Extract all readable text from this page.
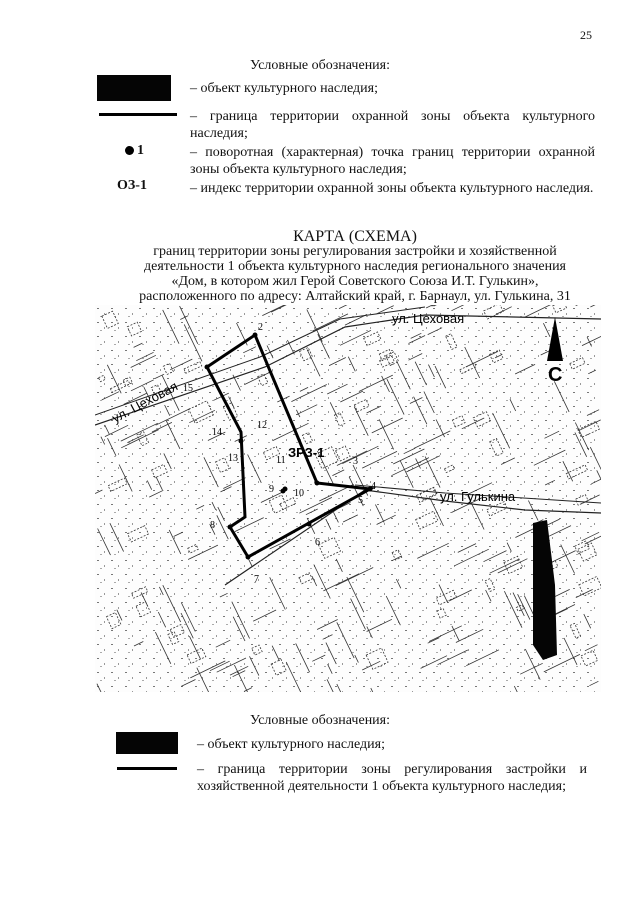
25
Условные обозначения:
– объект культурного наследия;
– граница территории охранной зоны объекта культурного наследия;
1	– поворотная (характерная) точка границ территории охранной зоны объекта культурного наследия;
ОЗ-1	– индекс территории охранной зоны объекта культурного наследия.
КАРТА (СХЕМА)
границ территории зоны регулирования застройки и хозяйственной
деятельности 1 объекта культурного наследия регионального значения
«Дом, в котором жил Герой Советского Союза И.Т. Гулькин»,
расположенного по адресу: Алтайский край, г. Барнаул, ул. Гулькина, 31
2
3
4
5
6
7
8
9 10
11
12
13
14
15
ЗРЗ-1
ул. Цеховая
ул. Цеховая
ул. Гулькина
С
Условные обозначения:
– объект культурного наследия;
– граница территории зоны регулирования застройки и хозяйственной деятельности 1 объекта культурного наследия;
